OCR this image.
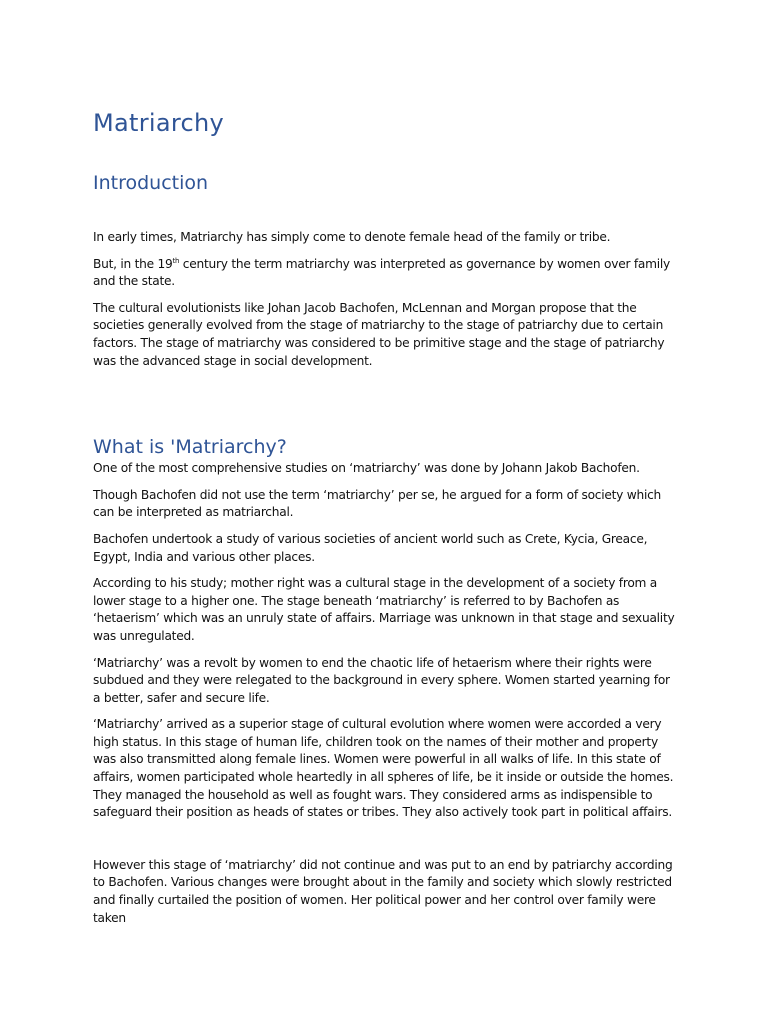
Matriarchy
Introduction

In early times, Matriarchy has simply come to denote female head of the family or tribe.

But, in the 19th century the term matriarchy was interpreted as governance by women over family and the state.

The cultural evolutionists like Johan Jacob Bachofen, McLennan and Morgan propose that the societies generally evolved from the stage of matriarchy to the stage of patriarchy due to certain factors. The stage of matriarchy was considered to be primitive stage and the stage of patriarchy was the advanced stage in social development.

What is 'Matriarchy?

One of the most comprehensive studies on ‘matriarchy’ was done by Johann Jakob Bachofen.

Though Bachofen did not use the term ‘matriarchy’ per se, he argued for a form of society which can be interpreted as matriarchal.

Bachofen undertook a study of various societies of ancient world such as Crete, Kycia, Greace, Egypt, India and various other places.

According to his study; mother right was a cultural stage in the development of a society from a lower stage to a higher one. The stage beneath ‘matriarchy’ is referred to by Bachofen as ‘hetaerism’ which was an unruly state of affairs. Marriage was unknown in that stage and sexuality was unregulated.

‘Matriarchy’ was a revolt by women to end the chaotic life of hetaerism where their rights were subdued and they were relegated to the background in every sphere. Women started yearning for a better, safer and secure life.

‘Matriarchy’ arrived as a superior stage of cultural evolution where women were accorded a very high status. In this stage of human life, children took on the names of their mother and property was also transmitted along female lines. Women were powerful in all walks of life. In this state of affairs, women participated whole heartedly in all spheres of life, be it inside or outside the homes. They managed the household as well as fought wars. They considered arms as indispensible to safeguard their position as heads of states or tribes. They also actively took part in political affairs.

However this stage of ‘matriarchy’ did not continue and was put to an end by patriarchy according to Bachofen. Various changes were brought about in the family and society which slowly restricted and finally curtailed the position of women. Her political power and her control over family were taken
